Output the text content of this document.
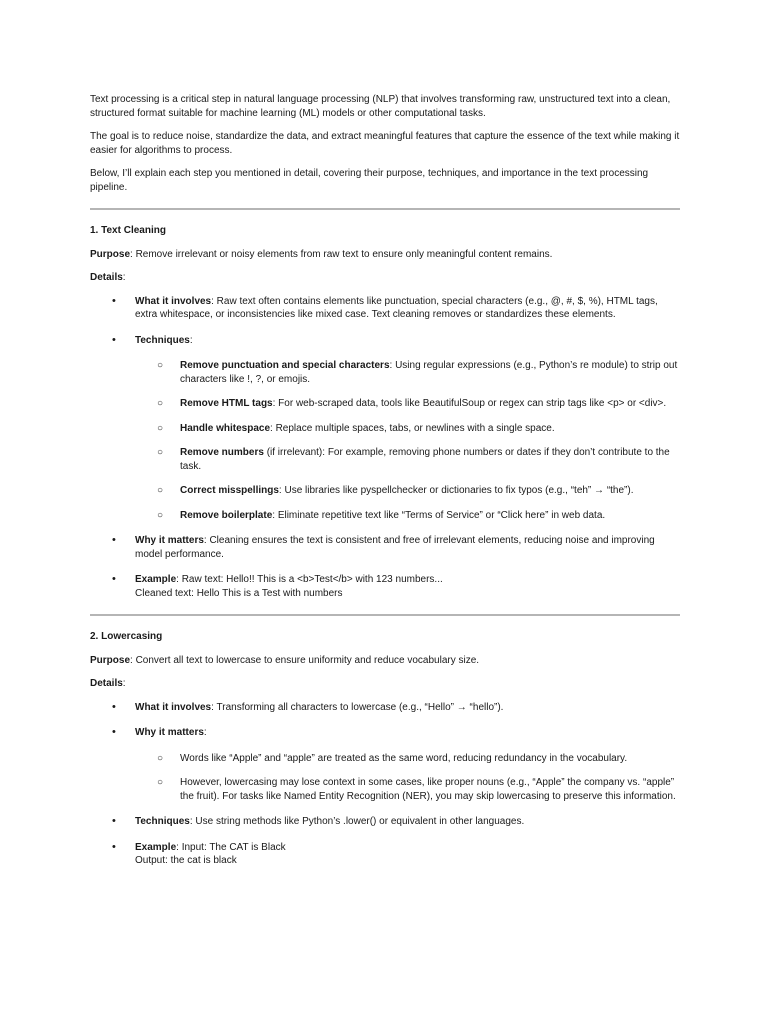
Text processing is a critical step in natural language processing (NLP) that involves transforming raw, unstructured text into a clean, structured format suitable for machine learning (ML) models or other computational tasks.

The goal is to reduce noise, standardize the data, and extract meaningful features that capture the essence of the text while making it easier for algorithms to process.

Below, I’ll explain each step you mentioned in detail, covering their purpose, techniques, and importance in the text processing pipeline.

1. Text Cleaning

Purpose: Remove irrelevant or noisy elements from raw text to ensure only meaningful content remains.

Details:

• What it involves: Raw text often contains elements like punctuation, special characters (e.g., @, #, $, %), HTML tags, extra whitespace, or inconsistencies like mixed case. Text cleaning removes or standardizes these elements.
• Techniques:
○ Remove punctuation and special characters: Using regular expressions (e.g., Python’s re module) to strip out characters like !, ?, or emojis.
○ Remove HTML tags: For web-scraped data, tools like BeautifulSoup or regex can strip tags like <p> or <div>.
○ Handle whitespace: Replace multiple spaces, tabs, or newlines with a single space.
○ Remove numbers (if irrelevant): For example, removing phone numbers or dates if they don’t contribute to the task.
○ Correct misspellings: Use libraries like pyspellchecker or dictionaries to fix typos (e.g., “teh” → “the”).
○ Remove boilerplate: Eliminate repetitive text like “Terms of Service” or “Click here” in web data.
• Why it matters: Cleaning ensures the text is consistent and free of irrelevant elements, reducing noise and improving model performance.
• Example: Raw text: Hello!! This is a <b>Test</b> with 123 numbers...
Cleaned text: Hello This is a Test with numbers

2. Lowercasing

Purpose: Convert all text to lowercase to ensure uniformity and reduce vocabulary size.

Details:

• What it involves: Transforming all characters to lowercase (e.g., “Hello” → “hello”).
• Why it matters:
○ Words like “Apple” and “apple” are treated as the same word, reducing redundancy in the vocabulary.
○ However, lowercasing may lose context in some cases, like proper nouns (e.g., “Apple” the company vs. “apple” the fruit). For tasks like Named Entity Recognition (NER), you may skip lowercasing to preserve this information.
• Techniques: Use string methods like Python’s .lower() or equivalent in other languages.
• Example: Input: The CAT is Black
Output: the cat is black
